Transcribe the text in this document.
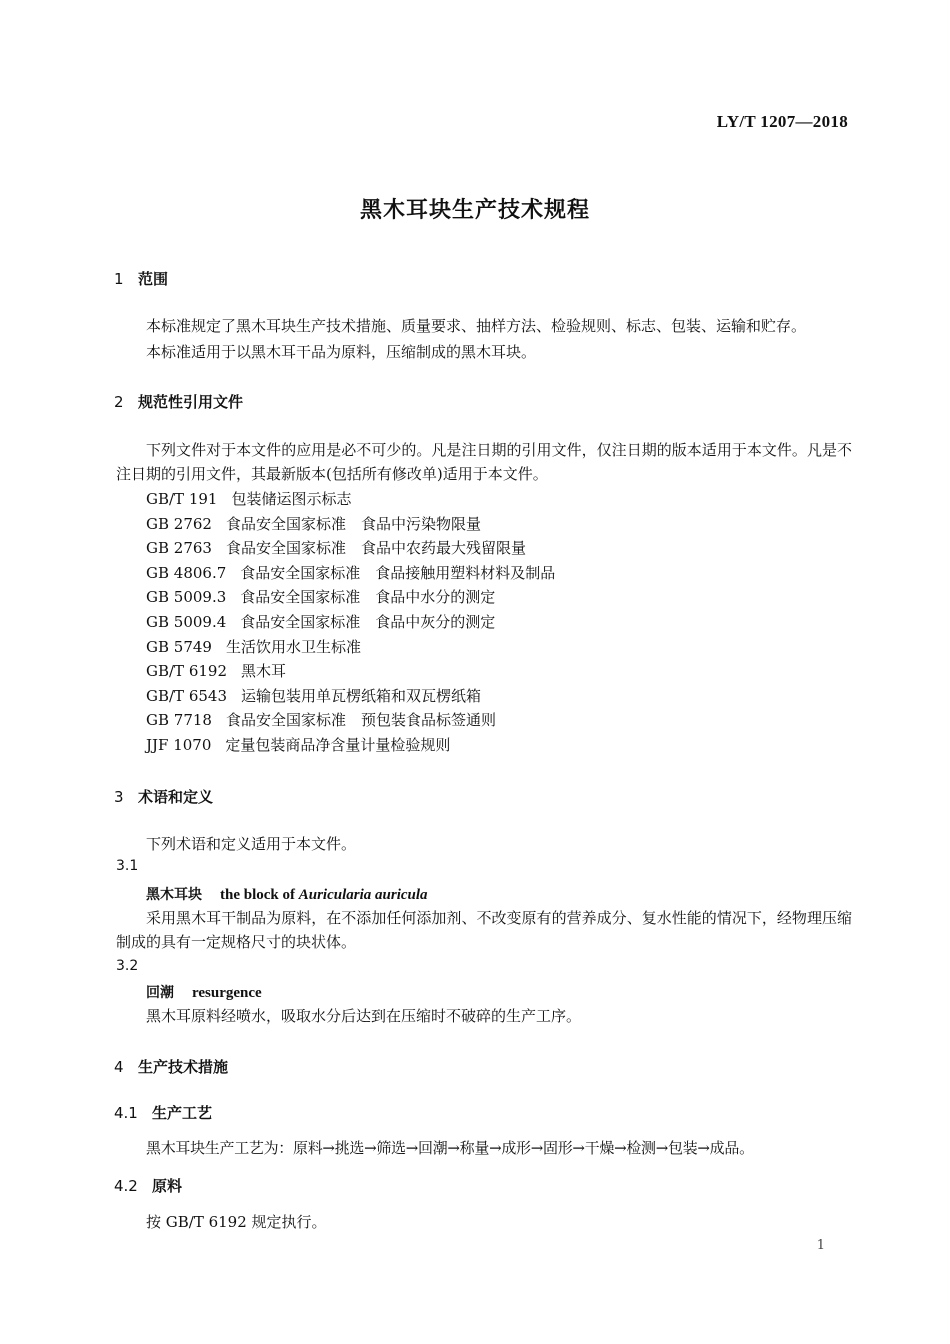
LY/T 1207—2018
黑木耳块生产技术规程
1 范围
本标准规定了黑木耳块生产技术措施、质量要求、抽样方法、检验规则、标志、包装、运输和贮存。
本标准适用于以黑木耳干品为原料，压缩制成的黑木耳块。
2 规范性引用文件
下列文件对于本文件的应用是必不可少的。凡是注日期的引用文件，仅注日期的版本适用于本文件。凡是不注日期的引用文件，其最新版本(包括所有修改单)适用于本文件。
GB/T 191 包装储运图示标志
GB 2762 食品安全国家标准　食品中污染物限量
GB 2763 食品安全国家标准　食品中农药最大残留限量
GB 4806.7 食品安全国家标准　食品接触用塑料材料及制品
GB 5009.3 食品安全国家标准　食品中水分的测定
GB 5009.4 食品安全国家标准　食品中灰分的测定
GB 5749 生活饮用水卫生标准
GB/T 6192 黑木耳
GB/T 6543 运输包装用单瓦楞纸箱和双瓦楞纸箱
GB 7718 食品安全国家标准　预包装食品标签通则
JJF 1070 定量包装商品净含量计量检验规则
3 术语和定义
下列术语和定义适用于本文件。
3.1
黑木耳块 the block of Auricularia auricula
采用黑木耳干制品为原料，在不添加任何添加剂、不改变原有的营养成分、复水性能的情况下，经物理压缩制成的具有一定规格尺寸的块状体。
3.2
回潮 resurgence
黑木耳原料经喷水，吸取水分后达到在压缩时不破碎的生产工序。
4 生产技术措施
4.1 生产工艺
黑木耳块生产工艺为：原料→挑选→筛选→回潮→称量→成形→固形→干燥→检测→包装→成品。
4.2 原料
按 GB/T 6192 规定执行。
1
